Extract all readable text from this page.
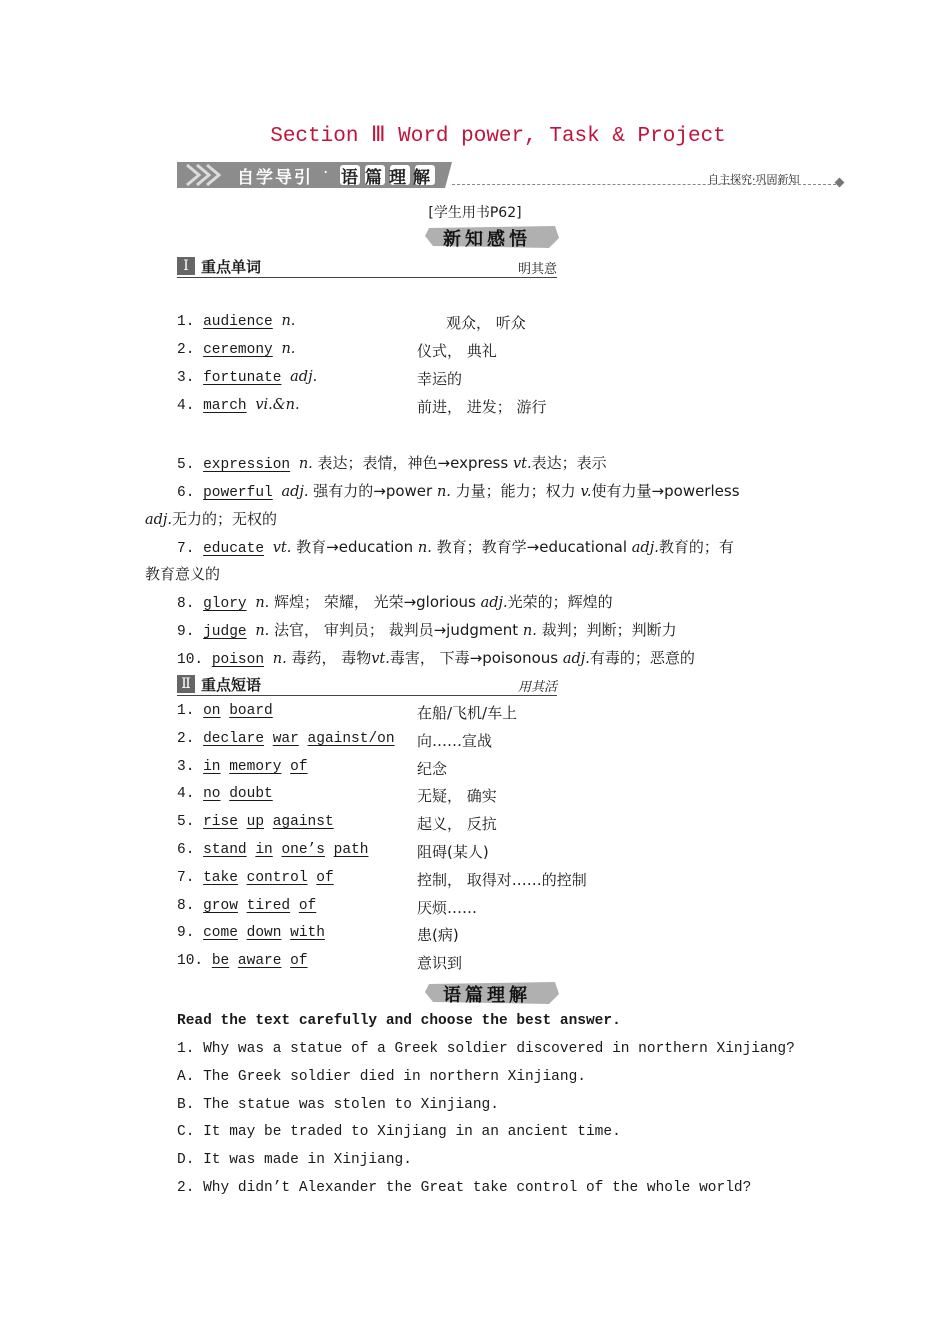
Section Ⅲ Word power, Task & Project
自学导引 · 语篇理解	自主探究·巩固新知
[学生用书P62]
新知感悟
Ⅰ 重点单词	明其意
1. audience n.	观众， 听众
2. ceremony n.	仪式， 典礼
3. fortunate adj.	幸运的
4. march vi.&n.	前进， 进发； 游行
5. expression n. 表达；表情，神色→express vt.表达；表示
6. powerful adj. 强有力的→power n. 力量；能力；权力 v.使有力量→powerless
adj.无力的；无权的
7. educate vt. 教育→education n. 教育；教育学→educational adj.教育的；有
教育意义的
8. glory n. 辉煌； 荣耀， 光荣→glorious adj.光荣的；辉煌的
9. judge n. 法官， 审判员； 裁判员→judgment n. 裁判；判断；判断力
10. poison n. 毒药， 毒物vt.毒害， 下毒→poisonous adj.有毒的；恶意的
Ⅱ 重点短语	用其活
1. on board	在船/飞机/车上
2. declare war against/on 向……宣战
3. in memory of	纪念
4. no doubt	无疑， 确实
5. rise up against	起义， 反抗
6. stand in one’s path	阻碍(某人)
7. take control of	控制， 取得对……的控制
8. grow tired of	厌烦……
9. come down with	患(病)
10. be aware of	意识到
语篇理解
Read the text carefully and choose the best answer.
1. Why was a statue of a Greek soldier discovered in northern Xinjiang?
A. The Greek soldier died in northern Xinjiang.
B. The statue was stolen to Xinjiang.
C. It may be traded to Xinjiang in an ancient time.
D. It was made in Xinjiang.
2. Why didn’t Alexander the Great take control of the whole world?
